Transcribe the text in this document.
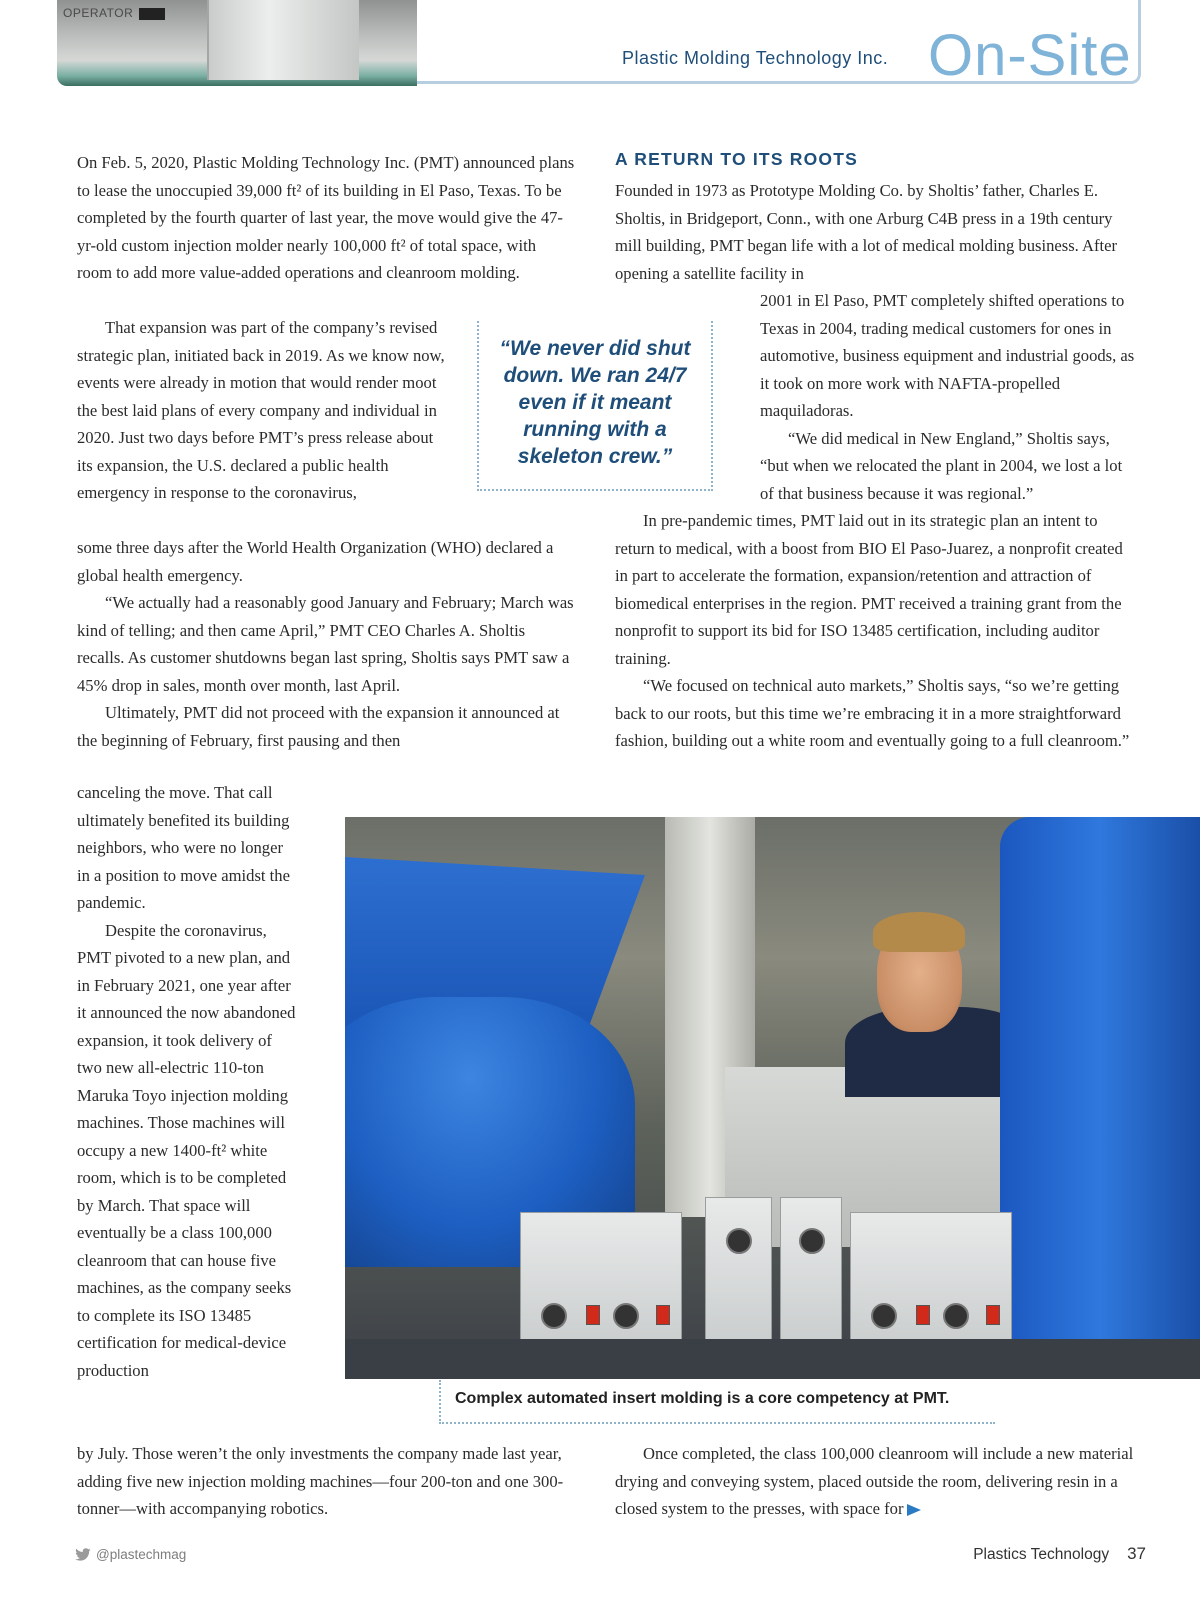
OPERATOR
Plastic Molding Technology Inc. On-Site

On Feb. 5, 2020, Plastic Molding Technology Inc. (PMT) announced plans to lease the unoccupied 39,000 ft² of its building in El Paso, Texas. To be completed by the fourth quarter of last year, the move would give the 47-yr-old custom injection molder nearly 100,000 ft² of total space, with room to add more value-added operations and cleanroom molding.

That expansion was part of the company’s revised strategic plan, initiated back in 2019. As we know now, events were already in motion that would render moot the best laid plans of every company and individual in 2020. Just two days before PMT’s press release about its expansion, the U.S. declared a public health emergency in response to the coronavirus,

some three days after the World Health Organization (WHO) declared a global health emergency.

“We actually had a reasonably good January and February; March was kind of telling; and then came April,” PMT CEO Charles A. Sholtis recalls. As customer shutdowns began last spring, Sholtis says PMT saw a 45% drop in sales, month over month, last April.

Ultimately, PMT did not proceed with the expansion it announced at the beginning of February, first pausing and then

canceling the move. That call ultimately benefited its building neighbors, who were no longer in a position to move amidst the pandemic.

Despite the coronavirus, PMT pivoted to a new plan, and in February 2021, one year after it announced the now abandoned expansion, it took delivery of two new all-electric 110-ton Maruka Toyo injection molding machines. Those machines will occupy a new 1400-ft² white room, which is to be completed by March. That space will eventually be a class 100,000 cleanroom that can house five machines, as the company seeks to complete its ISO 13485 certification for medical-device production

by July. Those weren’t the only investments the company made last year, adding five new injection molding machines—four 200-ton and one 300-tonner—with accompanying robotics.

“We never did shut down. We ran 24/7 even if it meant running with a skeleton crew.”
A RETURN TO ITS ROOTS

Founded in 1973 as Prototype Molding Co. by Sholtis’ father, Charles E. Sholtis, in Bridgeport, Conn., with one Arburg C4B press in a 19th century mill building, PMT began life with a lot of medical molding business. After opening a satellite facility in

2001 in El Paso, PMT completely shifted operations to Texas in 2004, trading medical customers for ones in automotive, business equipment and industrial goods, as it took on more work with NAFTA-propelled maquiladoras.

“We did medical in New England,” Sholtis says, “but when we relocated the plant in 2004, we lost a lot of that business because it was regional.”

In pre-pandemic times, PMT laid out in its strategic plan an intent to return to medical, with a boost from BIO El Paso-Juarez, a nonprofit created in part to accelerate the formation, expansion/retention and attraction of biomedical enterprises in the region. PMT received a training grant from the nonprofit to support its bid for ISO 13485 certification, including auditor training.

“We focused on technical auto markets,” Sholtis says, “so we’re getting back to our roots, but this time we’re embracing it in a more straightforward fashion, building out a white room and eventually going to a full cleanroom.”

Complex automated insert molding is a core competency at PMT.

Once completed, the class 100,000 cleanroom will include a new material drying and conveying system, placed outside the room, delivering resin in a closed system to the presses, with space for

@plastechmag	Plastics Technology 37
